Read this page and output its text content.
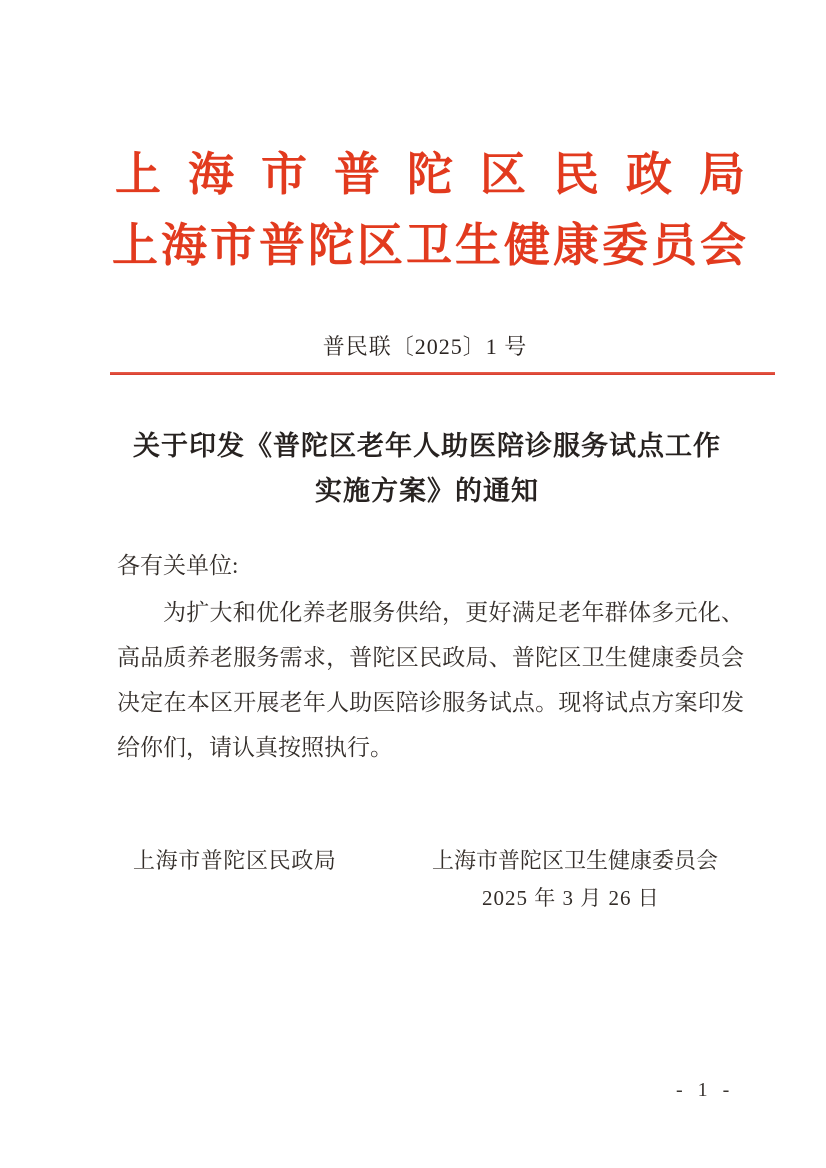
上海市普陀区民政局
上海市普陀区卫生健康委员会
普民联〔2025〕1 号
关于印发《普陀区老年人助医陪诊服务试点工作
实施方案》的通知
各有关单位:
为扩大和优化养老服务供给，更好满足老年群体多元化、高品质养老服务需求，普陀区民政局、普陀区卫生健康委员会决定在本区开展老年人助医陪诊服务试点。现将试点方案印发给你们，请认真按照执行。
上海市普陀区民政局	上海市普陀区卫生健康委员会
2025 年 3 月 26 日
- 1 -
